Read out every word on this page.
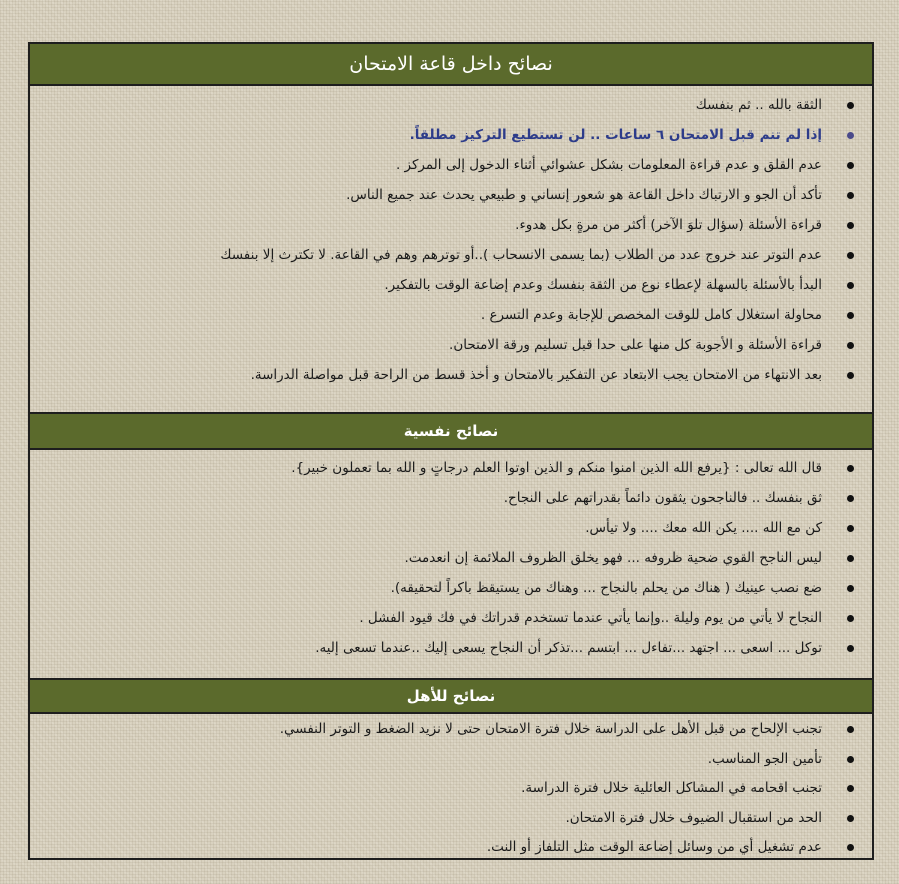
نصائح داخل قاعة الامتحان
الثقة بالله .. ثم بنفسك
إذا لم تنم قبل الامتحان ٦ ساعات .. لن تستطيع التركيز مطلقاً.
عدم القلق و عدم قراءة المعلومات بشكل عشوائي أثناء الدخول إلى المركز .
تأكد أن الجو و الارتباك داخل القاعة هو شعور إنساني و طبيعي يحدث عند جميع الناس.
قراءة الأسئلة (سؤال تلوَ الآخر) أكثر من مرةٍ بكل هدوء.
عدم التوتر عند خروج عدد من الطلاب (بما يسمى الانسحاب )..أو توترهم وهم في القاعة. لا تكترث إلا بنفسك
البدأ بالأسئلة بالسهلة لإعطاء نوع من الثقة بنفسك وعدم إضاعة الوقت بالتفكير.
محاولة استغلال كامل للوقت المخصص للإجابة وعدم التسرع .
قراءة الأسئلة و الأجوبة كل منها على حدا قبل تسليم ورقة الامتحان.
بعد الانتهاء من الامتحان يجب الابتعاد عن التفكير بالامتحان و أخذ قسط من الراحة قبل مواصلة الدراسة.
نصائح نفسية
قال الله تعالى : {يرفع الله الذين امنوا منكم و الذين اوتوا العلم درجاتٍ و الله بما تعملون خبير}.
ثق بنفسك .. فالناجحون يثقون دائماً بقدراتهم على النجاح.
كن مع الله .... يكن الله معك .... ولا تيأس.
ليس الناجح القوي ضحية ظروفه ... فهو يخلق الظروف الملائمة إن انعدمت.
ضع نصب عينيك ( هناك من يحلم بالنجاح ... وهناك من يستيقظ باكراً لتحقيقه).
النجاح لا يأتي من يوم وليلة ..وإنما يأتي عندما تستخدم قدراتك في فك قيود الفشل .
توكل ... اسعى ... اجتهد ...تفاءل ... ابتسم ...تذكر أن النجاح يسعى إليك ..عندما تسعى إليه.
نصائح للأهل
تجنب الإلحاح من قبل الأهل على الدراسة خلال فترة الامتحان حتى لا نزيد الضغط و التوتر النفسي.
تأمين الجو المناسب.
تجنب اقحامه في المشاكل العائلية خلال فترة الدراسة.
الحد من استقبال الضيوف خلال فترة الامتحان.
عدم تشغيل أي من وسائل إضاعة الوقت مثل التلفاز أو النت.
